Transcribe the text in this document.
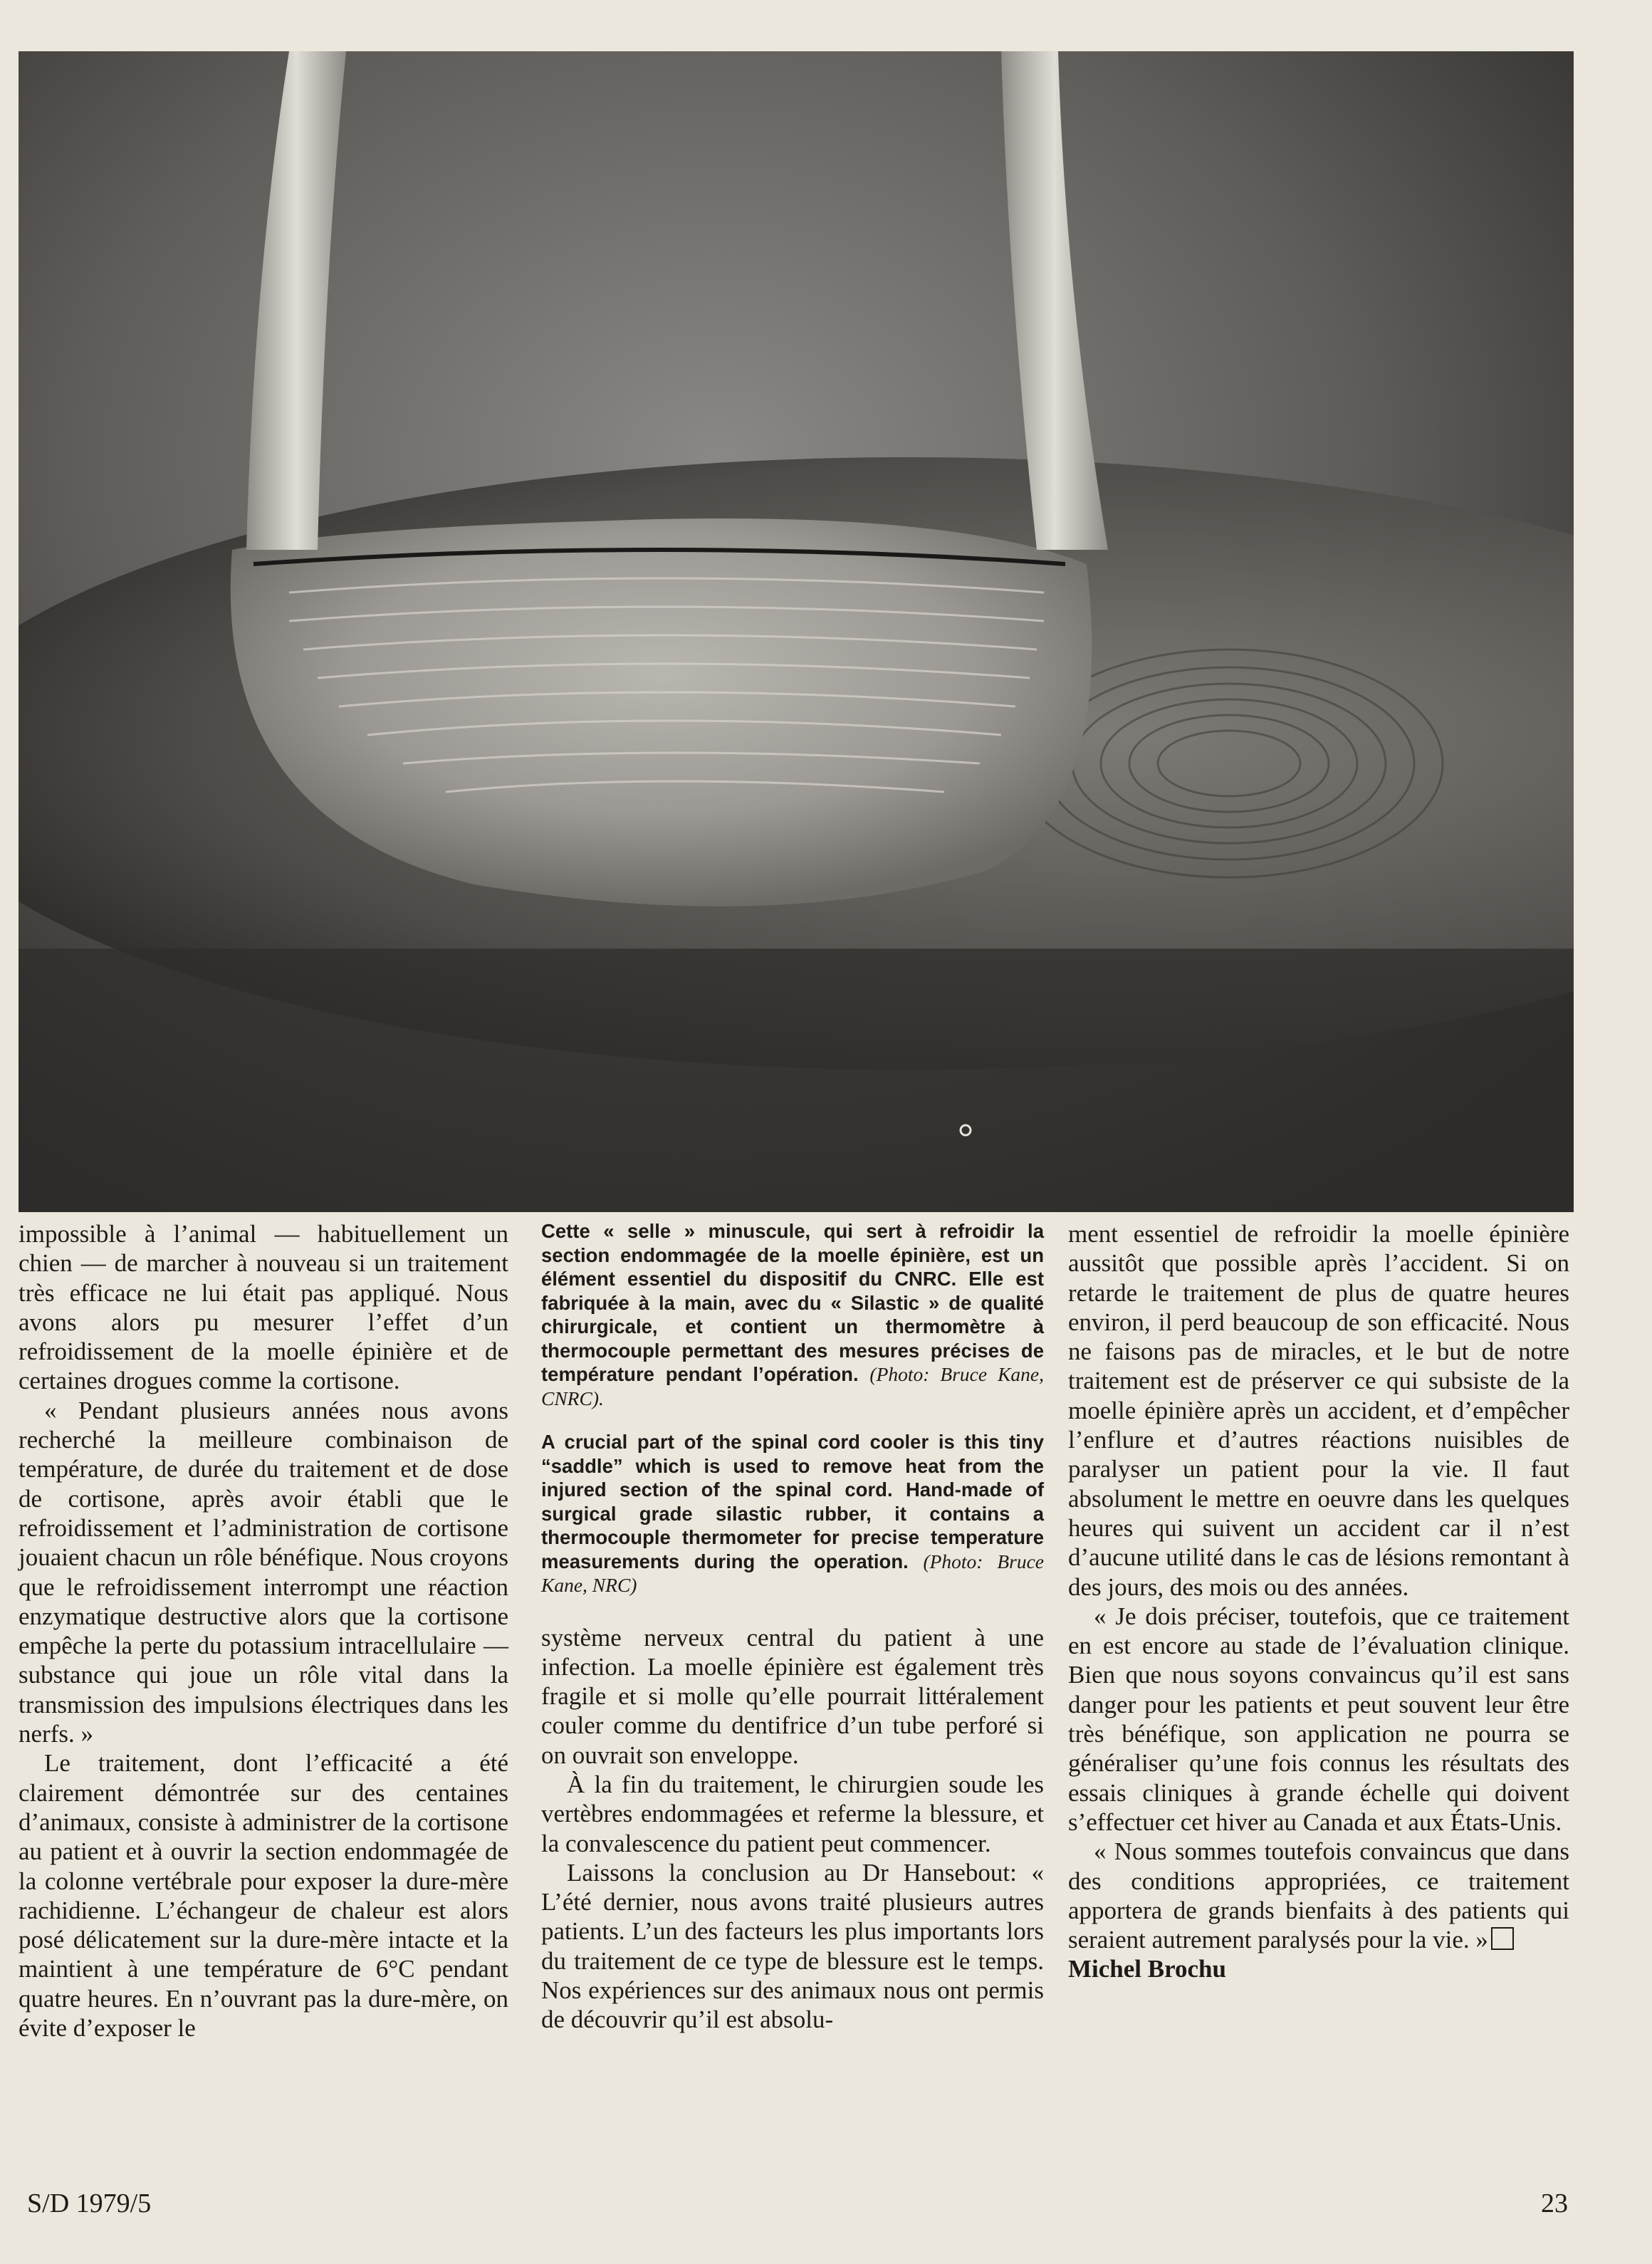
impossible à l’animal — habituellement un chien — de marcher à nouveau si un traitement très efficace ne lui était pas appliqué. Nous avons alors pu mesurer l’effet d’un refroidissement de la moelle épinière et de certaines drogues comme la cortisone.

« Pendant plusieurs années nous avons recherché la meilleure combinaison de température, de durée du traitement et de dose de cortisone, après avoir établi que le refroidissement et l’administration de cortisone jouaient chacun un rôle bénéfique. Nous croyons que le refroidissement interrompt une réaction enzymatique destructive alors que la cortisone empêche la perte du potassium intracellulaire — substance qui joue un rôle vital dans la transmission des impulsions électriques dans les nerfs. »

Le traitement, dont l’efficacité a été clairement démontrée sur des centaines d’animaux, consiste à administrer de la cortisone au patient et à ouvrir la section endommagée de la colonne vertébrale pour exposer la dure-mère rachidienne. L’échangeur de chaleur est alors posé délicatement sur la dure-mère intacte et la maintient à une température de 6°C pendant quatre heures. En n’ouvrant pas la dure-mère, on évite d’exposer le

Cette « selle » minuscule, qui sert à refroidir la section endommagée de la moelle épinière, est un élément essentiel du dispositif du CNRC. Elle est fabriquée à la main, avec du « Silastic » de qualité chirurgicale, et contient un thermomètre à thermocouple permettant des mesures précises de température pendant l’opération. (Photo: Bruce Kane, CNRC).

A crucial part of the spinal cord cooler is this tiny “saddle” which is used to remove heat from the injured section of the spinal cord. Hand-made of surgical grade silastic rubber, it contains a thermocouple thermometer for precise temperature measurements during the operation. (Photo: Bruce Kane, NRC)

système nerveux central du patient à une infection. La moelle épinière est également très fragile et si molle qu’elle pourrait littéralement couler comme du dentifrice d’un tube perforé si on ouvrait son enveloppe.

À la fin du traitement, le chirurgien soude les vertèbres endommagées et referme la blessure, et la convalescence du patient peut commencer.

Laissons la conclusion au Dr Hansebout: « L’été dernier, nous avons traité plusieurs autres patients. L’un des facteurs les plus importants lors du traitement de ce type de blessure est le temps. Nos expériences sur des animaux nous ont permis de découvrir qu’il est absolu-

ment essentiel de refroidir la moelle épinière aussitôt que possible après l’accident. Si on retarde le traitement de plus de quatre heures environ, il perd beaucoup de son efficacité. Nous ne faisons pas de miracles, et le but de notre traitement est de préserver ce qui subsiste de la moelle épinière après un accident, et d’empêcher l’enflure et d’autres réactions nuisibles de paralyser un patient pour la vie. Il faut absolument le mettre en oeuvre dans les quelques heures qui suivent un accident car il n’est d’aucune utilité dans le cas de lésions remontant à des jours, des mois ou des années.

« Je dois préciser, toutefois, que ce traitement en est encore au stade de l’évaluation clinique. Bien que nous soyons convaincus qu’il est sans danger pour les patients et peut souvent leur être très bénéfique, son application ne pourra se généraliser qu’une fois connus les résultats des essais cliniques à grande échelle qui doivent s’effectuer cet hiver au Canada et aux États-Unis.

« Nous sommes toutefois convaincus que dans des conditions appropriées, ce traitement apportera de grands bienfaits à des patients qui seraient autrement paralysés pour la vie. »

Michel Brochu

S/D 1979/5	23
